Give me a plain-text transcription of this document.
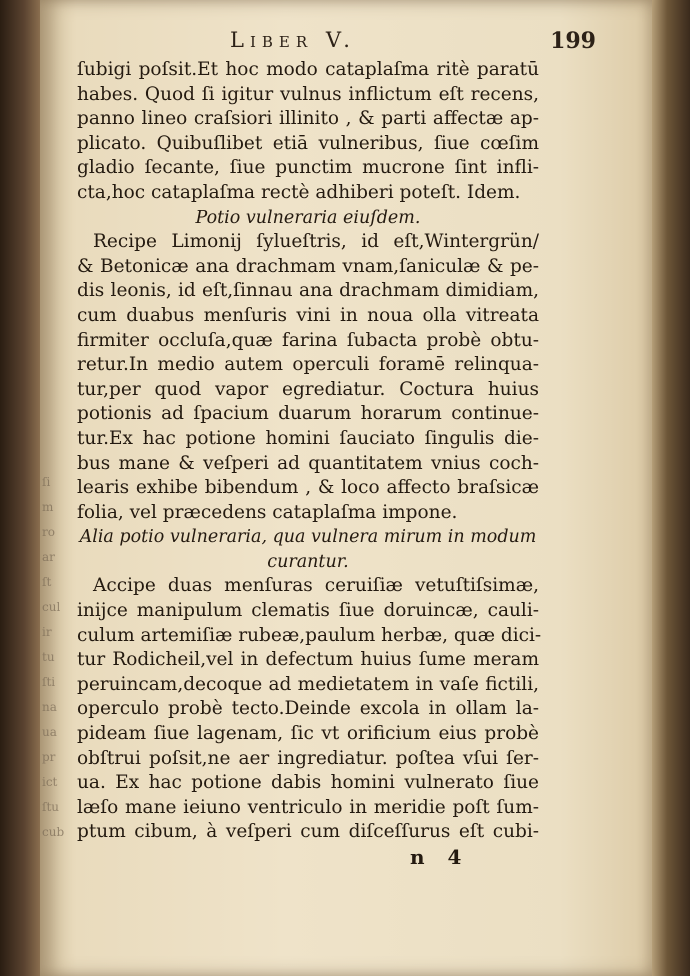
ſi
m
ro
ar
ſt
cul
ir
tu
ſti
na
ua
pr
ict
ſtu
cub
Liber V.	199
ſubigi poſsit.Et hoc modo cataplaſma ritè paratū
habes. Quod ſi igitur vulnus inflictum eſt recens,
panno lineo craſsiori illinito , & parti affectæ ap-
plicato. Quibuſlibet etiā vulneribus, ſiue cœſim
gladio ſecante, ſiue punctim mucrone ſint infli-
cta,hoc cataplaſma rectè adhiberi poteſt. Idem.
Potio vulneraria eiuſdem.
Recipe Limonij ſylueſtris, id eſt,Wintergrün/
& Betonicæ ana drachmam vnam,ſaniculæ & pe-
dis leonis, id eſt,ſinnau ana drachmam dimidiam,
cum duabus menſuris vini in noua olla vitreata
firmiter occluſa,quæ farina ſubacta probè obtu-
retur.In medio autem operculi foramē relinqua-
tur,per quod vapor egrediatur. Coctura huius
potionis ad ſpacium duarum horarum continue-
tur.Ex hac potione homini ſauciato ſingulis die-
bus mane & veſperi ad quantitatem vnius coch-
learis exhibe bibendum , & loco affecto braſsicæ
folia, vel præcedens cataplaſma impone.
Alia potio vulneraria, qua vulnera mirum in modum
curantur.
Accipe duas menſuras ceruiſiæ vetuſtiſsimæ,
inijce manipulum clematis ſiue doruincæ, cauli-
culum artemiſiæ rubeæ,paulum herbæ, quæ dici-
tur Rodicheil,vel in defectum huius ſume meram
peruincam,decoque ad medietatem in vaſe fictili,
operculo probè tecto.Deinde excola in ollam la-
pideam ſiue lagenam, ſic vt orificium eius probè
obſtrui poſsit,ne aer ingrediatur. poſtea vſui ſer-
ua. Ex hac potione dabis homini vulnerato ſiue
læſo mane ieiuno ventriculo in meridie poſt ſum-
ptum cibum, à veſperi cum diſceſſurus eſt cubi-
n 4
